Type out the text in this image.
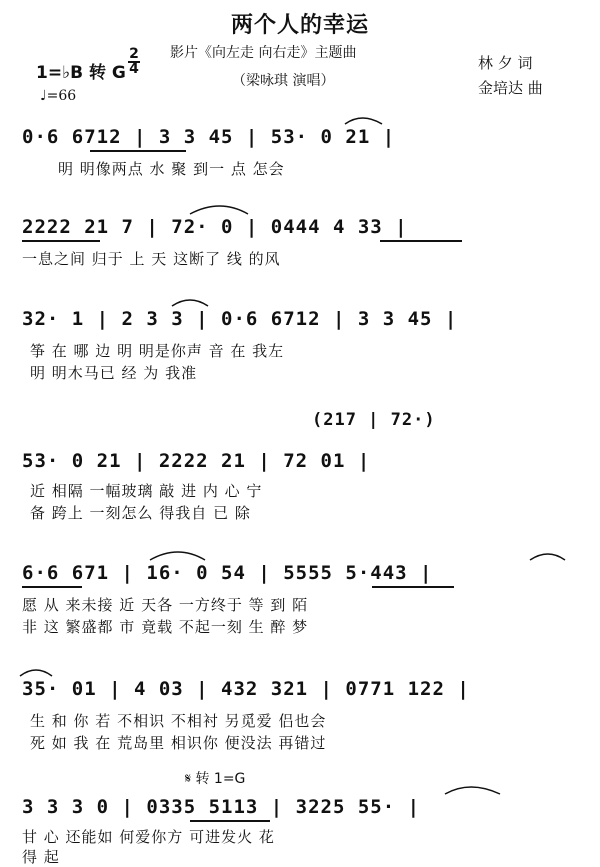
两个人的幸运
影片《向左走 向右走》主题曲
（梁咏琪 演唱）
林 夕 词
金培达 曲
1=♭B 转 G
2
4
♩=66
0·6 6712 | 3 3 45 | 53· 0 21 |
明 明像两点 水 聚 到一 点 怎会
2222 21 7 | 72· 0 | 0444 4 33 |
一息之间 归于 上 天 这断了 线 的风
32· 1 | 2 3 3 | 0·6 6712 | 3 3 45 |
筝 在 哪 边 明 明是你声 音 在 我左
明 明木马已 经 为 我准
(217 | 72·)
53· 0 21 | 2222 21 | 72 01 |
近 相隔 一幅玻璃 敲 进 内 心 宁
备 跨上 一刻怎么 得我自 已 除
6·6 671 | 16· 0 54 | 5555 5·443 |
愿 从 来未接 近 天各 一方终于 等 到 陌
非 这 繁盛都 市 竟载 不起一刻 生 醉 梦
35· 01 | 4 03 | 432 321 | 0771 122 |
生 和 你 若 不相识 不相衬 另觅爱 侣也会
死 如 我 在 荒岛里 相识你 便没法 再错过
𝄋 转 1=G
3 3 3 0 | 0335 5113 | 3225 55· |
甘 心 还能如 何爱你方 可进发火 花
得 起
